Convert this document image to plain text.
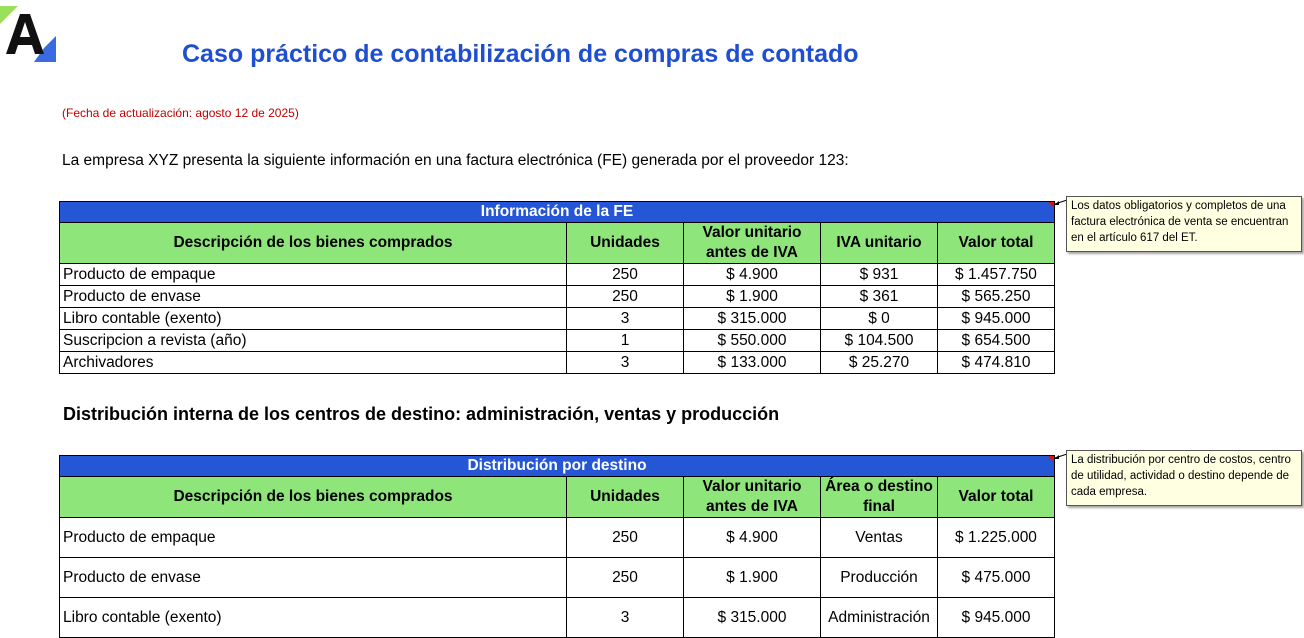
Caso práctico de contabilización de compras de contado
(Fecha de actualización: agosto 12 de 2025)
La empresa XYZ presenta la siguiente información en una factura electrónica (FE) generada por el proveedor 123:
Información de la FE				
Descripción de los bienes comprados	Unidades	Valor unitario antes de IVA	IVA unitario	Valor total
Producto de empaque	250	$ 4.900	$ 931	$ 1.457.750
Producto de envase	250	$ 1.900	$ 361	$ 565.250
Libro contable (exento)	3	$ 315.000	$ 0	$ 945.000
Suscripcion a revista (año)	1	$ 550.000	$ 104.500	$ 654.500
Archivadores	3	$ 133.000	$ 25.270	$ 474.810
Los datos obligatorios y completos de una factura electrónica de venta se encuentran en el artículo 617 del ET.
Distribución interna de los centros de destino: administración, ventas y producción
Distribución por destino				
Descripción de los bienes comprados	Unidades	Valor unitario antes de IVA	Área o destino final	Valor total
Producto de empaque	250	$ 4.900	Ventas	$ 1.225.000
Producto de envase	250	$ 1.900	Producción	$ 475.000
Libro contable (exento)	3	$ 315.000	Administración	$ 945.000
La distribución por centro de costos, centro de utilidad, actividad o destino depende de cada empresa.
